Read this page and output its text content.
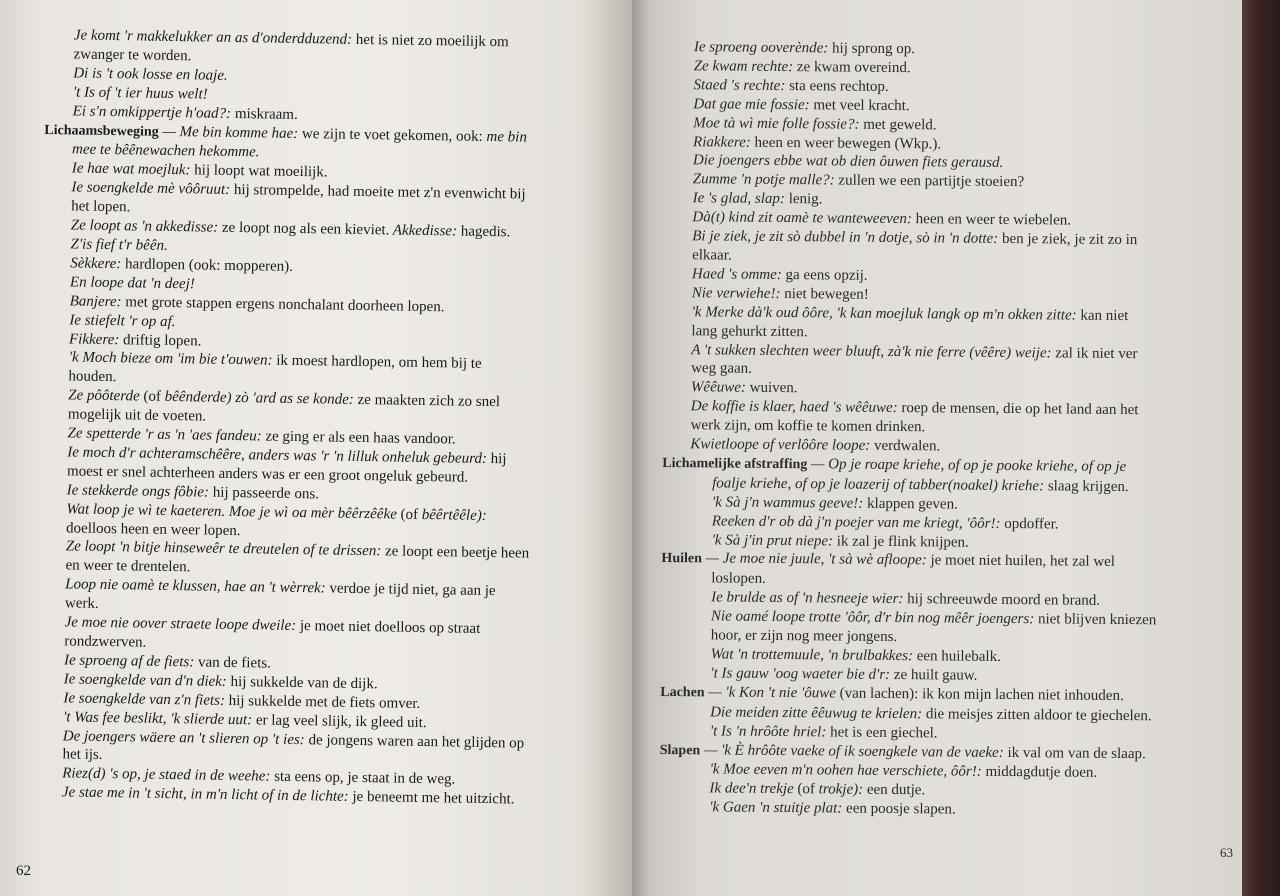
Je komt 'r makkelukker an as d'onderdduzend: het is niet zo moeilijk om
zwanger te worden.
Di is 't ook losse en loaje.
't Is of 't ier huus welt!
Ei s'n omkippertje h'oad?: miskraam.
Lichaamsbeweging — Me bin komme hae: we zijn te voet gekomen, ook: me bin
mee te bêênewachen hekomme.
Ie hae wat moejluk: hij loopt wat moeilijk.
Ie soengkelde mè vôôruut: hij strompelde, had moeite met z'n evenwicht bij
het lopen.
Ze loopt as 'n akkedisse: ze loopt nog als een kieviet. Akkedisse: hagedis.
Z'is fief t'r bêên.
Sèkkere: hardlopen (ook: mopperen).
En loope dat 'n deej!
Banjere: met grote stappen ergens nonchalant doorheen lopen.
Ie stiefelt 'r op af.
Fikkere: driftig lopen.
'k Moch bieze om 'im bie t'ouwen: ik moest hardlopen, om hem bij te
houden.
Ze pôôterde (of bêênderde) zò 'ard as se konde: ze maakten zich zo snel
mogelijk uit de voeten.
Ze spetterde 'r as 'n 'aes fandeu: ze ging er als een haas vandoor.
Ie moch d'r achteramschêêre, anders was 'r 'n lilluk onheluk gebeurd: hij
moest er snel achterheen anders was er een groot ongeluk gebeurd.
Ie stekkerde ongs fôbie: hij passeerde ons.
Wat loop je wì te kaeteren. Moe je wì oa mèr bêêrzêêke (of bêêrtêêle):
doelloos heen en weer lopen.
Ze loopt 'n bitje hinseweêr te dreutelen of te drissen: ze loopt een beetje heen
en weer te drentelen.
Loop nie oamè te klussen, hae an 't wèrrek: verdoe je tijd niet, ga aan je
werk.
Je moe nie oover straete loope dweile: je moet niet doelloos op straat
rondzwerven.
Ie sproeng af de fiets: van de fiets.
Ie soengkelde van d'n diek: hij sukkelde van de dijk.
Ie soengkelde van z'n fiets: hij sukkelde met de fiets omver.
't Was fee beslikt, 'k slierde uut: er lag veel slijk, ik gleed uit.
De joengers wäere an 't slieren op 't ies: de jongens waren aan het glijden op
het ijs.
Riez(d) 's op, je staed in de weehe: sta eens op, je staat in de weg.
Je stae me in 't sicht, in m'n licht of in de lichte: je beneemt me het uitzicht.
62
Ie sproeng ooverènde: hij sprong op.
Ze kwam rechte: ze kwam overeind.
Staed 's rechte: sta eens rechtop.
Dat gae mie fossie: met veel kracht.
Moe tà wì mie folle fossie?: met geweld.
Riakkere: heen en weer bewegen (Wkp.).
Die joengers ebbe wat ob dien ôuwen fiets gerausd.
Zumme 'n potje malle?: zullen we een partijtje stoeien?
Ie 's glad, slap: lenig.
Dà(t) kind zit oamè te wanteweeven: heen en weer te wiebelen.
Bi je ziek, je zit sò dubbel in 'n dotje, sò in 'n dotte: ben je ziek, je zit zo in
elkaar.
Haed 's omme: ga eens opzij.
Nie verwiehe!: niet bewegen!
'k Merke dà'k oud ôôre, 'k kan moejluk langk op m'n okken zitte: kan niet
lang gehurkt zitten.
A 't sukken slechten weer bluuft, zà'k nie ferre (vêêre) weije: zal ik niet ver
weg gaan.
Wêêuwe: wuiven.
De koffie is klaer, haed 's wêêuwe: roep de mensen, die op het land aan het
werk zijn, om koffie te komen drinken.
Kwietloope of verlôôre loope: verdwalen.
Lichamelijke afstraffing — Op je roape kriehe, of op je pooke kriehe, of op je
foalje kriehe, of op je loazerij of tabber(noakel) kriehe: slaag krijgen.
'k Sà j'n wammus geeve!: klappen geven.
Reeken d'r ob dà j'n poejer van me kriegt, 'ôôr!: opdoffer.
'k Sà j'in prut niepe: ik zal je flink knijpen.
Huilen — Je moe nie juule, 't sà wè afloope: je moet niet huilen, het zal wel
loslopen.
Ie brulde as of 'n hesneeje wier: hij schreeuwde moord en brand.
Nie oamé loope trotte 'ôôr, d'r bin nog mêêr joengers: niet blijven kniezen
hoor, er zijn nog meer jongens.
Wat 'n trottemuule, 'n brulbakkes: een huilebalk.
't Is gauw 'oog waeter bie d'r: ze huilt gauw.
Lachen — 'k Kon 't nie 'ôuwe (van lachen): ik kon mijn lachen niet inhouden.
Die meiden zitte êêuwug te krielen: die meisjes zitten aldoor te giechelen.
't Is 'n hrôôte hriel: het is een giechel.
Slapen — 'k È hrôôte vaeke of ik soengkele van de vaeke: ik val om van de slaap.
'k Moe eeven m'n oohen hae verschiete, ôôr!: middagdutje doen.
Ik dee'n trekje (of trokje): een dutje.
'k Gaen 'n stuitje plat: een poosje slapen.
63
